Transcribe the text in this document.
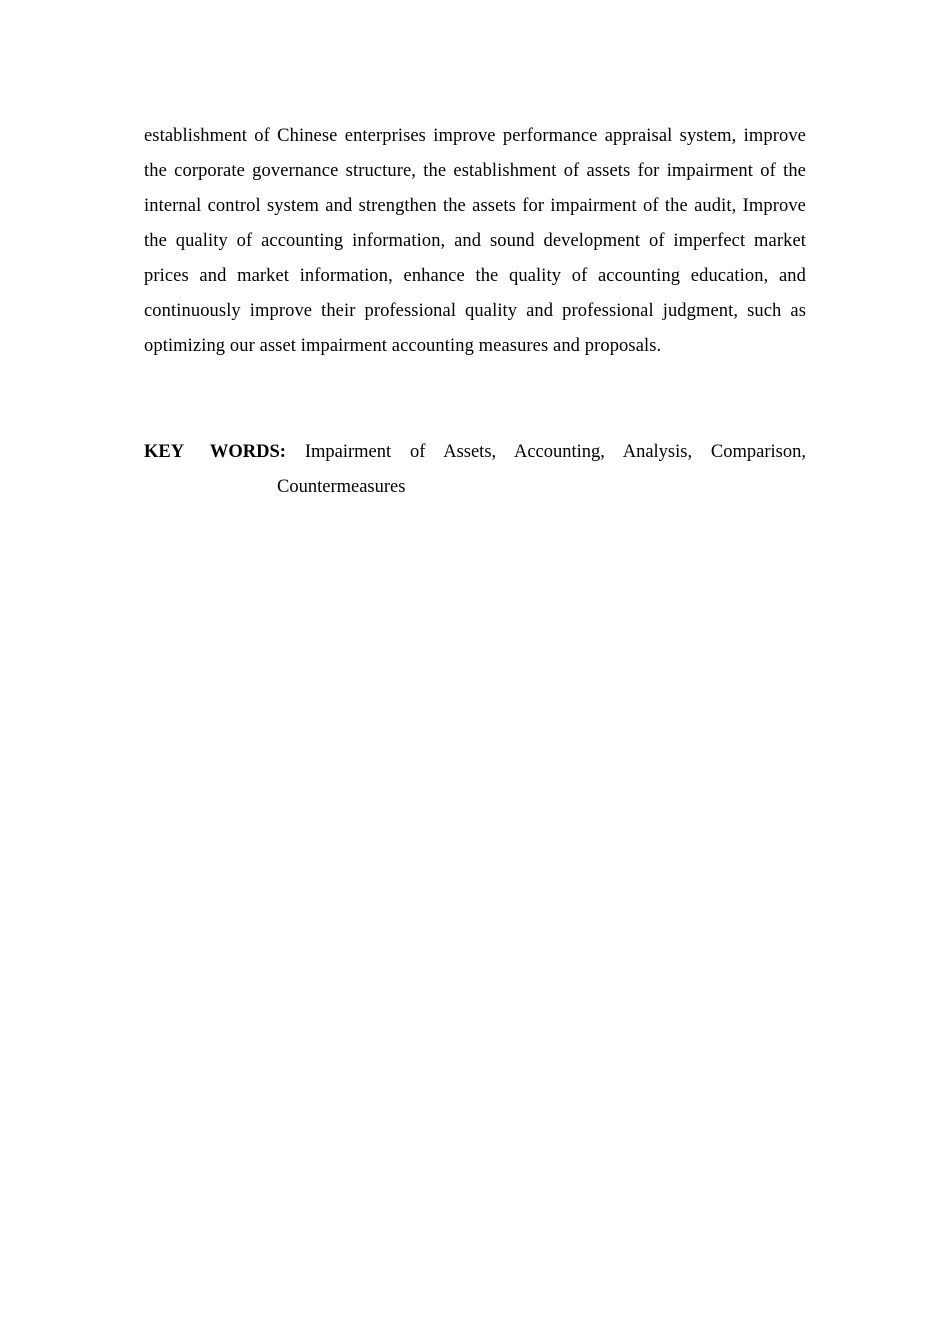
establishment of Chinese enterprises improve performance appraisal system, improve the corporate governance structure, the establishment of assets for impairment of the internal control system and strengthen the assets for impairment of the audit, Improve the quality of accounting information, and sound development of imperfect market prices and market information, enhance the quality of accounting education, and continuously improve their professional quality and professional judgment, such as optimizing our asset impairment accounting measures and proposals.

KEY WORDS: Impairment of Assets, Accounting, Analysis, Comparison,
Countermeasures
